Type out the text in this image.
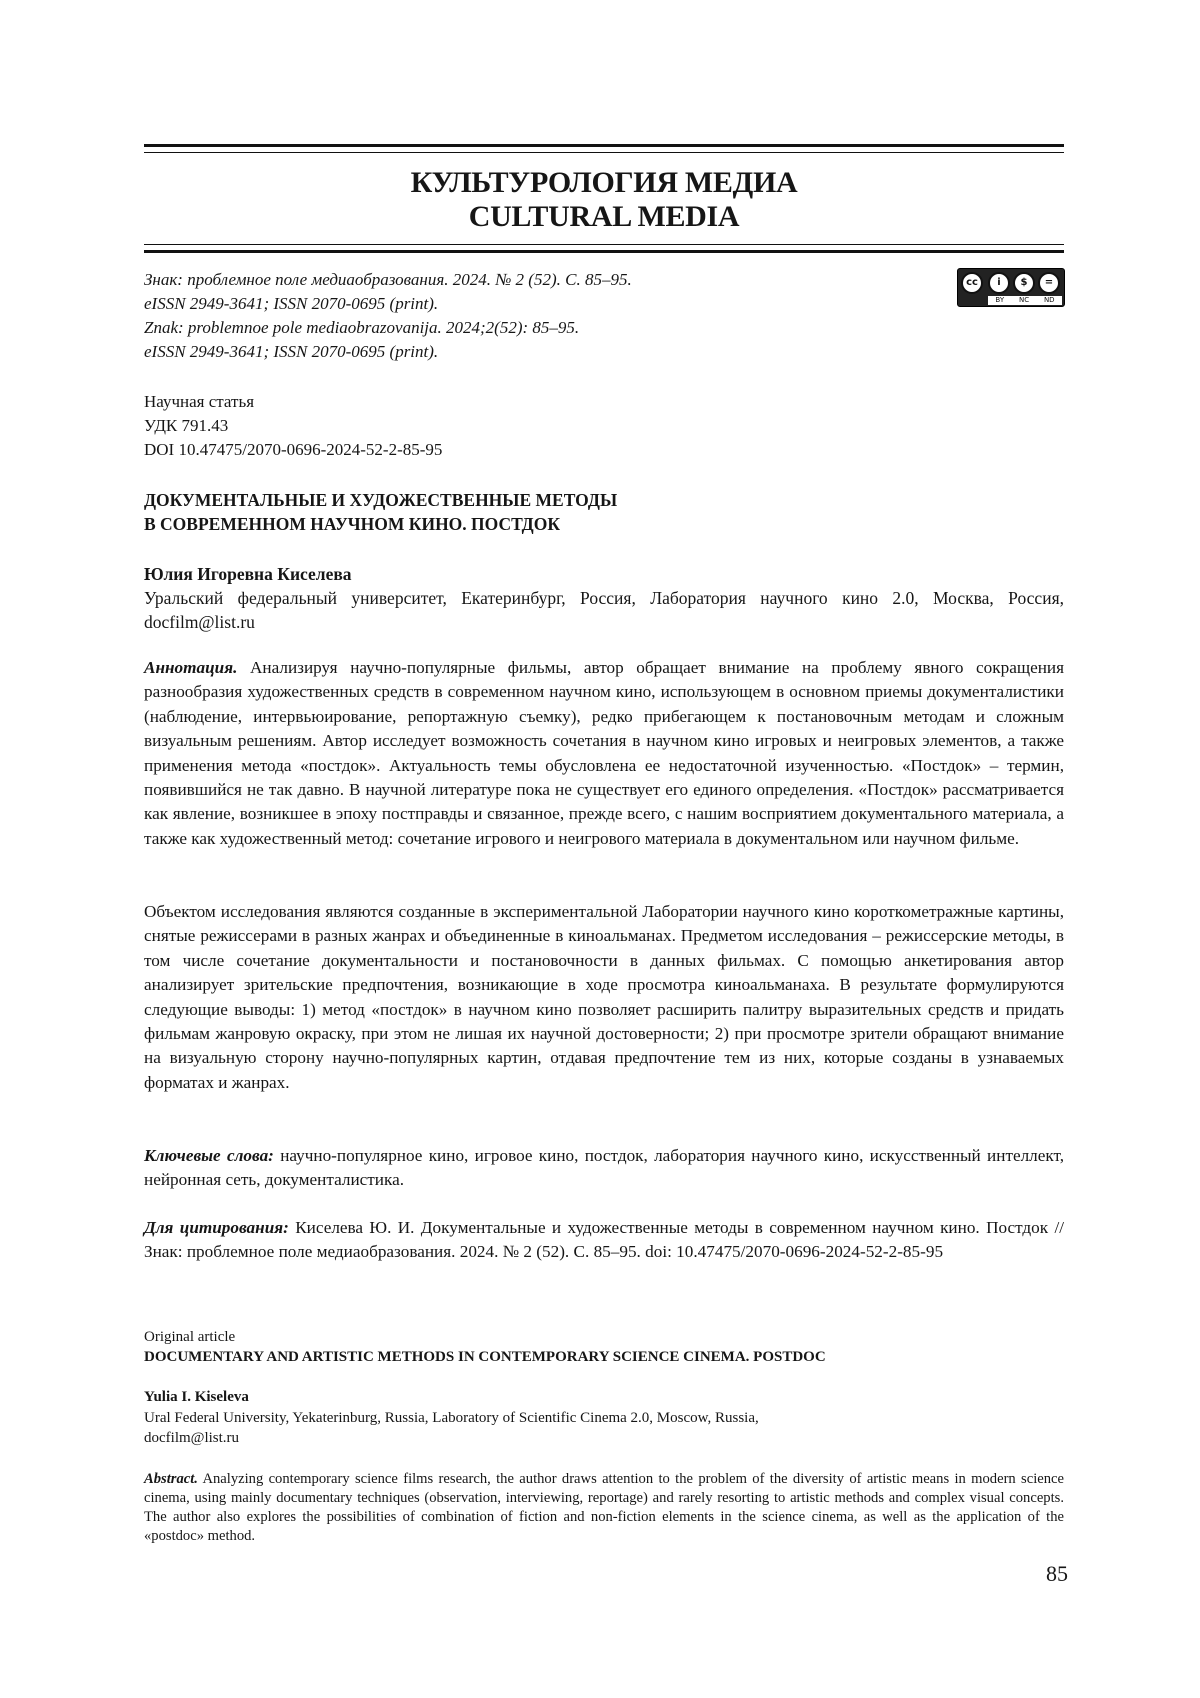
КУЛЬТУРОЛОГИЯ МЕДИА
CULTURAL MEDIA
Знак: проблемное поле медиаобразования. 2024. № 2 (52). С. 85–95.
eISSN 2949-3641; ISSN 2070-0695 (print).
Znak: problemnoe pole mediaobrazovanija. 2024;2(52): 85–95.
eISSN 2949-3641; ISSN 2070-0695 (print).
cc	i	$	=
BY NC ND
Научная статья
УДК 791.43
DOI 10.47475/2070-0696-2024-52-2-85-95
ДОКУМЕНТАЛЬНЫЕ И ХУДОЖЕСТВЕННЫЕ МЕТОДЫ
В СОВРЕМЕННОМ НАУЧНОМ КИНО. ПОСТДОК
Юлия Игоревна Киселева
Уральский федеральный университет, Екатеринбург, Россия, Лаборатория научного кино 2.0, Москва, Россия, docfilm@list.ru
Аннотация. Анализируя научно-популярные фильмы, автор обращает внимание на проблему явного сокращения разнообразия художественных средств в современном научном кино, использующем в основном приемы документалистики (наблюдение, интервьюирование, репортажную съемку), редко прибегающем к постановочным методам и сложным визуальным решениям. Автор исследует возможность сочетания в научном кино игровых и неигровых элементов, а также применения метода «постдок». Актуальность темы обусловлена ее недостаточной изученностью. «Постдок» – термин, появившийся не так давно. В научной литературе пока не существует его единого определения. «Постдок» рассматривается как явление, возникшее в эпоху постправды и связанное, прежде всего, с нашим восприятием документального материала, а также как художественный метод: сочетание игрового и неигрового материала в документальном или научном фильме.
Объектом исследования являются созданные в экспериментальной Лаборатории научного кино короткометражные картины, снятые режиссерами в разных жанрах и объединенные в киноальманах. Предметом исследования – режиссерские методы, в том числе сочетание документальности и постановочности в данных фильмах. С помощью анкетирования автор анализирует зрительские предпочтения, возникающие в ходе просмотра киноальманаха. В результате формулируются следующие выводы: 1) метод «постдок» в научном кино позволяет расширить палитру выразительных средств и придать фильмам жанровую окраску, при этом не лишая их научной достоверности; 2) при просмотре зрители обращают внимание на визуальную сторону научно-популярных картин, отдавая предпочтение тем из них, которые созданы в узнаваемых форматах и жанрах.
Ключевые слова: научно-популярное кино, игровое кино, постдок, лаборатория научного кино, искусственный интеллект, нейронная сеть, документалистика.
Для цитирования: Киселева Ю. И. Документальные и художественные методы в современном научном кино. Постдок // Знак: проблемное поле медиаобразования. 2024. № 2 (52). С. 85–95. doi: 10.47475/2070-0696-2024-52-2-85-95
Original article
DOCUMENTARY AND ARTISTIC METHODS IN CONTEMPORARY SCIENCE CINEMA. POSTDOC
Yulia I. Kiseleva
Ural Federal University, Yekaterinburg, Russia, Laboratory of Scientific Cinema 2.0, Moscow, Russia,
docfilm@list.ru
Abstract. Analyzing contemporary science films research, the author draws attention to the problem of the diversity of artistic means in modern science cinema, using mainly documentary techniques (observation, interviewing, reportage) and rarely resorting to artistic methods and complex visual concepts. The author also explores the possibilities of combination of fiction and non-fiction elements in the science cinema, as well as the application of the «postdoc» method.
85
